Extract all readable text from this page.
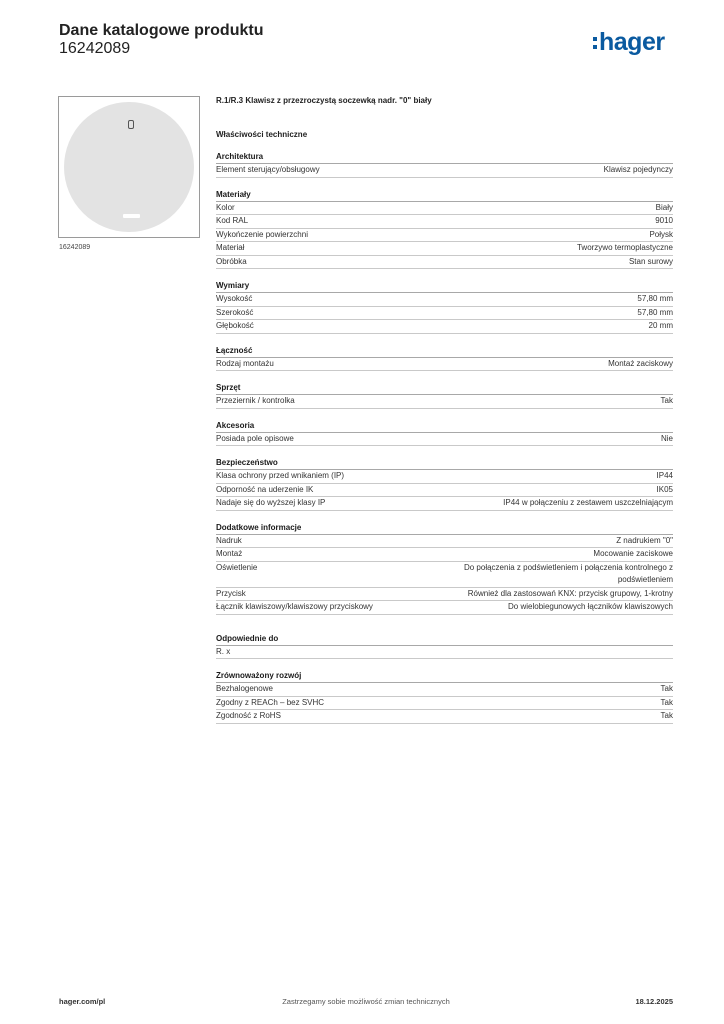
Dane katalogowe produktu
16242089	hager
16242089
R.1/R.3 Klawisz z przezroczystą soczewką nadr. "0" biały
Właściwości techniczne
Architektura
Element sterujący/obsługowy	Klawisz pojedynczy
Materiały
Kolor	Biały
Kod RAL	9010
Wykończenie powierzchni	Połysk
Materiał	Tworzywo termoplastyczne
Obróbka	Stan surowy
Wymiary
Wysokość	57,80 mm
Szerokość	57,80 mm
Głębokość	20 mm
Łączność
Rodzaj montażu	Montaż zaciskowy
Sprzęt
Przeziernik / kontrolka	Tak
Akcesoria
Posiada pole opisowe	Nie
Bezpieczeństwo
Klasa ochrony przed wnikaniem (IP)	IP44
Odporność na uderzenie IK	IK05
Nadaje się do wyższej klasy IP	IP44 w połączeniu z zestawem uszczelniającym
Dodatkowe informacje
Nadruk	Z nadrukiem "0"
Montaż	Mocowanie zaciskowe
Oświetlenie	Do połączenia z podświetleniem i połączenia kontrolnego z podświetleniem
Przycisk	Również dla zastosowań KNX: przycisk grupowy, 1-krotny
Łącznik klawiszowy/klawiszowy przyciskowy	Do wielobiegunowych łączników klawiszowych
Odpowiednie do
R. x
Zrównoważony rozwój
Bezhalogenowe	Tak
Zgodny z REACh – bez SVHC	Tak
Zgodność z RoHS	Tak
hager.com/pl	Zastrzegamy sobie możliwość zmian technicznych	18.12.2025
